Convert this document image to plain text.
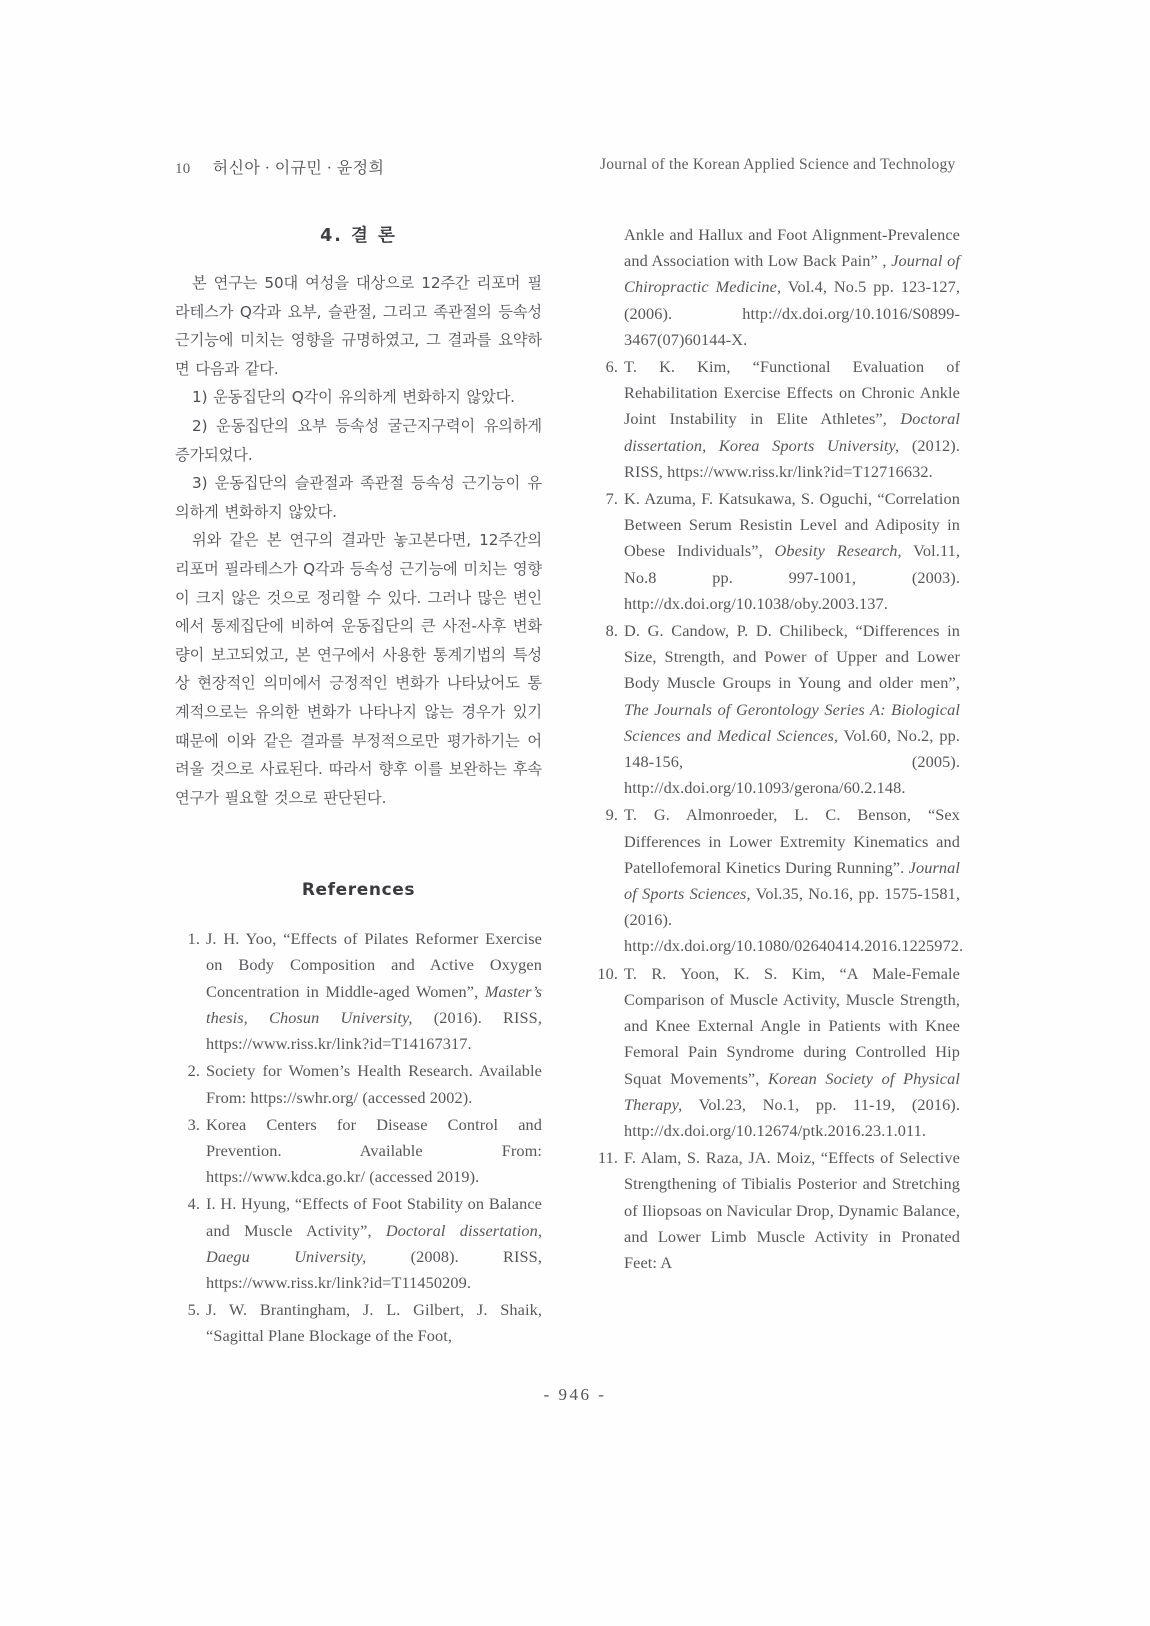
10 허신아 · 이규민 · 윤정희	Journal of the Korean Applied Science and Technology
4. 결 론

본 연구는 50대 여성을 대상으로 12주간 리포머 필라테스가 Q각과 요부, 슬관절, 그리고 족관절의 등속성 근기능에 미치는 영향을 규명하였고, 그 결과를 요약하면 다음과 같다.

1) 운동집단의 Q각이 유의하게 변화하지 않았다.

2) 운동집단의 요부 등속성 굴근지구력이 유의하게 증가되었다.

3) 운동집단의 슬관절과 족관절 등속성 근기능이 유의하게 변화하지 않았다.

위와 같은 본 연구의 결과만 놓고본다면, 12주간의 리포머 필라테스가 Q각과 등속성 근기능에 미치는 영향이 크지 않은 것으로 정리할 수 있다. 그러나 많은 변인에서 통제집단에 비하여 운동집단의 큰 사전-사후 변화량이 보고되었고, 본 연구에서 사용한 통계기법의 특성상 현장적인 의미에서 긍정적인 변화가 나타났어도 통계적으로는 유의한 변화가 나타나지 않는 경우가 있기 때문에 이와 같은 결과를 부정적으로만 평가하기는 어려울 것으로 사료된다. 따라서 향후 이를 보완하는 후속 연구가 필요할 것으로 판단된다.

References
1. J. H. Yoo, “Effects of Pilates Reformer Exercise on Body Composition and Active Oxygen Concentration in Middle-aged Women”, Master’s thesis, Chosun University, (2016). RISS, https://www.riss.kr/link?id=T14167317.
2. Society for Women’s Health Research. Available From: https://swhr.org/ (accessed 2002).
3. Korea Centers for Disease Control and Prevention. Available From: https://www.kdca.go.kr/ (accessed 2019).
4. I. H. Hyung, “Effects of Foot Stability on Balance and Muscle Activity”, Doctoral dissertation, Daegu University, (2008). RISS, https://www.riss.kr/link?id=T11450209.
5. J. W. Brantingham, J. L. Gilbert, J. Shaik, “Sagittal Plane Blockage of the Foot,
Ankle and Hallux and Foot Alignment-Prevalence and Association with Low Back Pain” , Journal of Chiropractic Medicine, Vol.4, No.5 pp. 123-127, (2006). http://dx.doi.org/10.1016/S0899-3467(07)60144-X.
6. T. K. Kim, “Functional Evaluation of Rehabilitation Exercise Effects on Chronic Ankle Joint Instability in Elite Athletes”, Doctoral dissertation, Korea Sports University, (2012). RISS, https://www.riss.kr/link?id=T12716632.
7. K. Azuma, F. Katsukawa, S. Oguchi, “Correlation Between Serum Resistin Level and Adiposity in Obese Individuals”, Obesity Research, Vol.11, No.8 pp. 997-1001, (2003). http://dx.doi.org/10.1038/oby.2003.137.
8. D. G. Candow, P. D. Chilibeck, “Differences in Size, Strength, and Power of Upper and Lower Body Muscle Groups in Young and older men”, The Journals of Gerontology Series A: Biological Sciences and Medical Sciences, Vol.60, No.2, pp. 148-156, (2005). http://dx.doi.org/10.1093/gerona/60.2.148.
9. T. G. Almonroeder, L. C. Benson, “Sex Differences in Lower Extremity Kinematics and Patellofemoral Kinetics During Running”. Journal of Sports Sciences, Vol.35, No.16, pp. 1575-1581, (2016). http://dx.doi.org/10.1080/02640414.2016.1225972.
10. T. R. Yoon, K. S. Kim, “A Male-Female Comparison of Muscle Activity, Muscle Strength, and Knee External Angle in Patients with Knee Femoral Pain Syndrome during Controlled Hip Squat Movements”, Korean Society of Physical Therapy, Vol.23, No.1, pp. 11-19, (2016). http://dx.doi.org/10.12674/ptk.2016.23.1.011.
11. F. Alam, S. Raza, JA. Moiz, “Effects of Selective Strengthening of Tibialis Posterior and Stretching of Iliopsoas on Navicular Drop, Dynamic Balance, and Lower Limb Muscle Activity in Pronated Feet: A
- 946 -
